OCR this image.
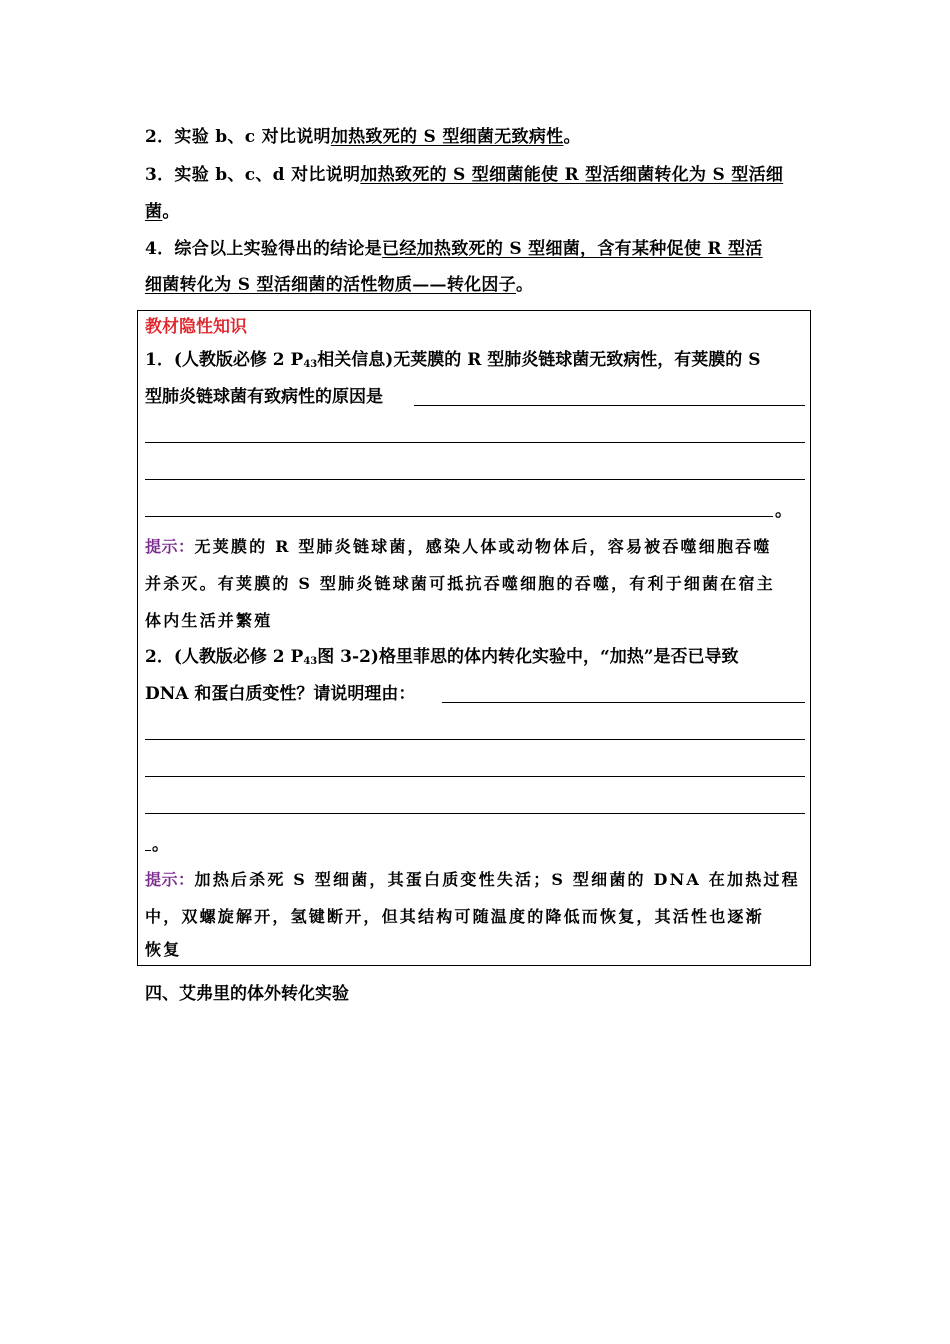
2．实验 b、c 对比说明加热致死的 S 型细菌无致病性。
3．实验 b、c、d 对比说明加热致死的 S 型细菌能使 R 型活细菌转化为 S 型活细
菌。
4．综合以上实验得出的结论是已经加热致死的 S 型细菌，含有某种促使 R 型活
细菌转化为 S 型活细菌的活性物质——转化因子。
教材隐性知识
1．(人教版必修 2 $P_{43}$相关信息)无荚膜的 R 型肺炎链球菌无致病性，有荚膜的 S
型肺炎链球菌有致病性的原因是
。
提示：无荚膜的 R 型肺炎链球菌，感染人体或动物体后，容易被吞噬细胞吞噬
并杀灭。有荚膜的 S 型肺炎链球菌可抵抗吞噬细胞的吞噬，有利于细菌在宿主
体内生活并繁殖
2．(人教版必修 2 $P_{43}$图 3-2)格里菲思的体内转化实验中，“加热”是否已导致
DNA 和蛋白质变性？请说明理由：
。
提示：加热后杀死 S 型细菌，其蛋白质变性失活；S 型细菌的 DNA 在加热过程
中，双螺旋解开，氢键断开，但其结构可随温度的降低而恢复，其活性也逐渐
恢复
四、艾弗里的体外转化实验
